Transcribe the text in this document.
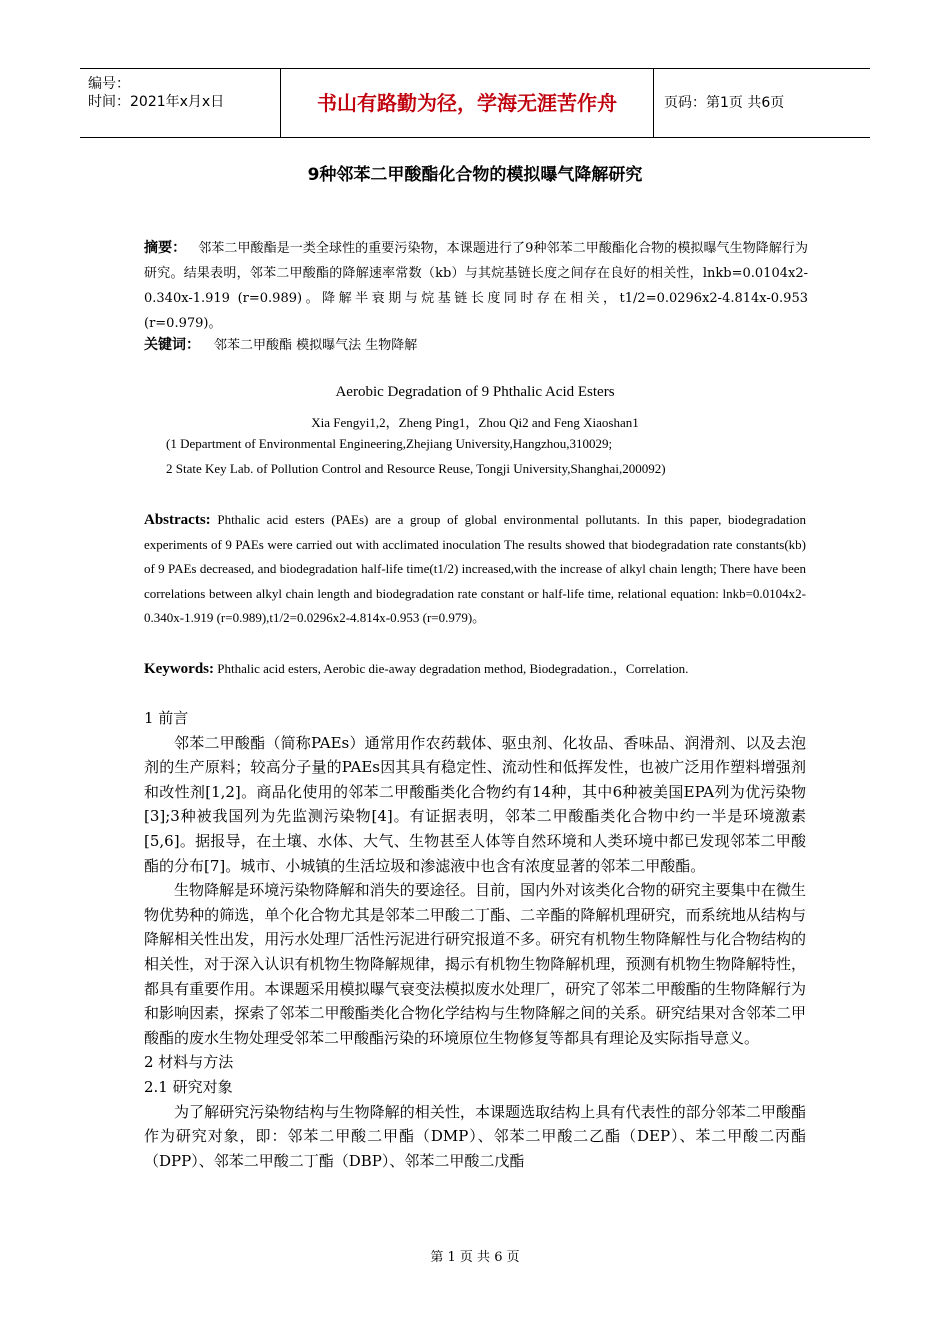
编号：
时间：2021年x月x日	书山有路勤为径，学海无涯苦作舟	页码：第1页 共6页
9种邻苯二甲酸酯化合物的模拟曝气降解研究
摘要： 邻苯二甲酸酯是一类全球性的重要污染物，本课题进行了9种邻苯二甲酸酯化合物的模拟曝气生物降解行为研究。结果表明，邻苯二甲酸酯的降解速率常数（kb）与其烷基链长度之间存在良好的相关性，lnkb=0.0104x2-0.340x-1.919 (r=0.989)。降解半衰期与烷基链长度同时存在相关，t1/2=0.0296x2-4.814x-0.953 (r=0.979)。
关键词： 邻苯二甲酸酯 模拟曝气法 生物降解
Aerobic Degradation of 9 Phthalic Acid Esters
Xia Fengyi1,2，Zheng Ping1，Zhou Qi2 and Feng Xiaoshan1
(1 Department of Environmental Engineering,Zhejiang University,Hangzhou,310029;
2 State Key Lab. of Pollution Control and Resource Reuse, Tongji University,Shanghai,200092)
Abstracts: Phthalic acid esters (PAEs) are a group of global environmental pollutants. In this paper, biodegradation experiments of 9 PAEs were carried out with acclimated inoculation The results showed that biodegradation rate constants(kb) of 9 PAEs decreased, and biodegradation half-life time(t1/2) increased,with the increase of alkyl chain length; There have been correlations between alkyl chain length and biodegradation rate constant or half-life time, relational equation: lnkb=0.0104x2-0.340x-1.919 (r=0.989),t1/2=0.0296x2-4.814x-0.953 (r=0.979)。
Keywords: Phthalic acid esters, Aerobic die-away degradation method, Biodegradation.，Correlation.

1 前言

邻苯二甲酸酯（简称PAEs）通常用作农药载体、驱虫剂、化妆品、香味品、润滑剂、以及去泡剂的生产原料；较高分子量的PAEs因其具有稳定性、流动性和低挥发性，也被广泛用作塑料增强剂和改性剂[1,2]。商品化使用的邻苯二甲酸酯类化合物约有14种，其中6种被美国EPA列为优污染物[3];3种被我国列为先监测污染物[4]。有证据表明，邻苯二甲酸酯类化合物中约一半是环境激素[5,6]。据报导，在土壤、水体、大气、生物甚至人体等自然环境和人类环境中都已发现邻苯二甲酸酯的分布[7]。城市、小城镇的生活垃圾和渗滤液中也含有浓度显著的邻苯二甲酸酯。

生物降解是环境污染物降解和消失的要途径。目前，国内外对该类化合物的研究主要集中在微生物优势种的筛选，单个化合物尤其是邻苯二甲酸二丁酯、二辛酯的降解机理研究，而系统地从结构与降解相关性出发，用污水处理厂活性污泥进行研究报道不多。研究有机物生物降解性与化合物结构的相关性，对于深入认识有机物生物降解规律，揭示有机物生物降解机理，预测有机物生物降解特性，都具有重要作用。本课题采用模拟曝气衰变法模拟废水处理厂，研究了邻苯二甲酸酯的生物降解行为和影响因素，探索了邻苯二甲酸酯类化合物化学结构与生物降解之间的关系。研究结果对含邻苯二甲酸酯的废水生物处理受邻苯二甲酸酯污染的环境原位生物修复等都具有理论及实际指导意义。

2 材料与方法

2.1 研究对象

为了解研究污染物结构与生物降解的相关性，本课题选取结构上具有代表性的部分邻苯二甲酸酯作为研究对象，即：邻苯二甲酸二甲酯（DMP）、邻苯二甲酸二乙酯（DEP）、苯二甲酸二丙酯（DPP）、邻苯二甲酸二丁酯（DBP）、邻苯二甲酸二戊酯

第 1 页 共 6 页
